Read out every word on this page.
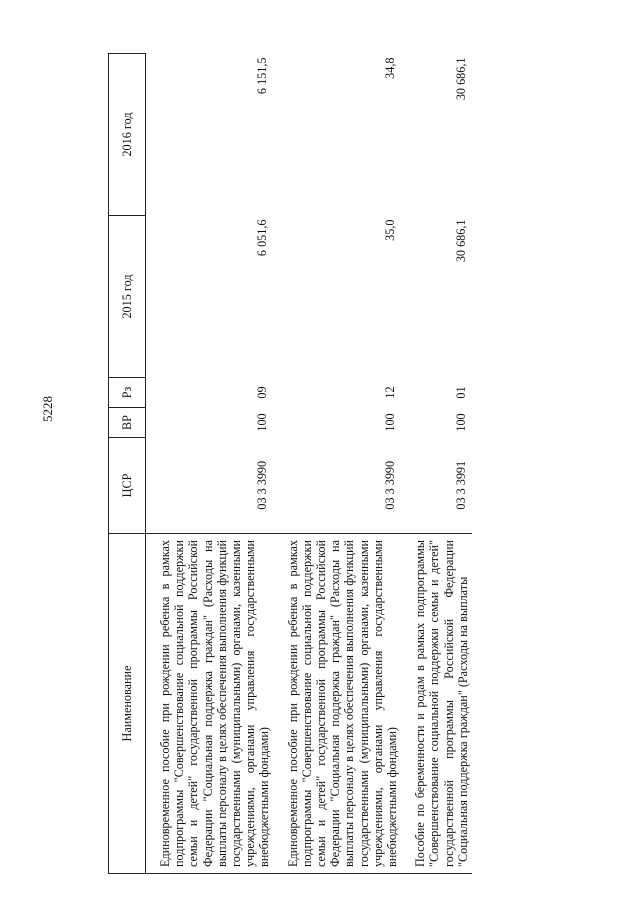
5228
Наименование	ЦСР	ВР	Рз	2015 год	2016 год

Единовременное пособие при рождении ребенка в рамках подпрограммы "Совершенствование социальной поддержки семьи и детей" государственной программы Российской Федерации "Социальная поддержка граждан" (Расходы на выплаты персоналу в целях обеспечения выполнения функций государственными (муниципальными) органами, казенными учреждениями, органами управления государственными внебюджетными фондами)	03 3 3990	100	09	6 051,6	6 151,5

Единовременное пособие при рождении ребенка в рамках подпрограммы "Совершенствование социальной поддержки семьи и детей" государственной программы Российской Федерации "Социальная поддержка граждан" (Расходы на выплаты персоналу в целях обеспечения выполнения функций государственными (муниципальными) органами, казенными учреждениями, органами управления государственными внебюджетными фондами)	03 3 3990	100	12	35,0	34,8

Пособие по беременности и родам в рамках подпрограммы "Совершенствование социальной поддержки семьи и детей" государственной программы Российской Федерации "Социальная поддержка граждан" (Расходы на выплаты	03 3 3991	100	01	30 686,1	30 686,1
